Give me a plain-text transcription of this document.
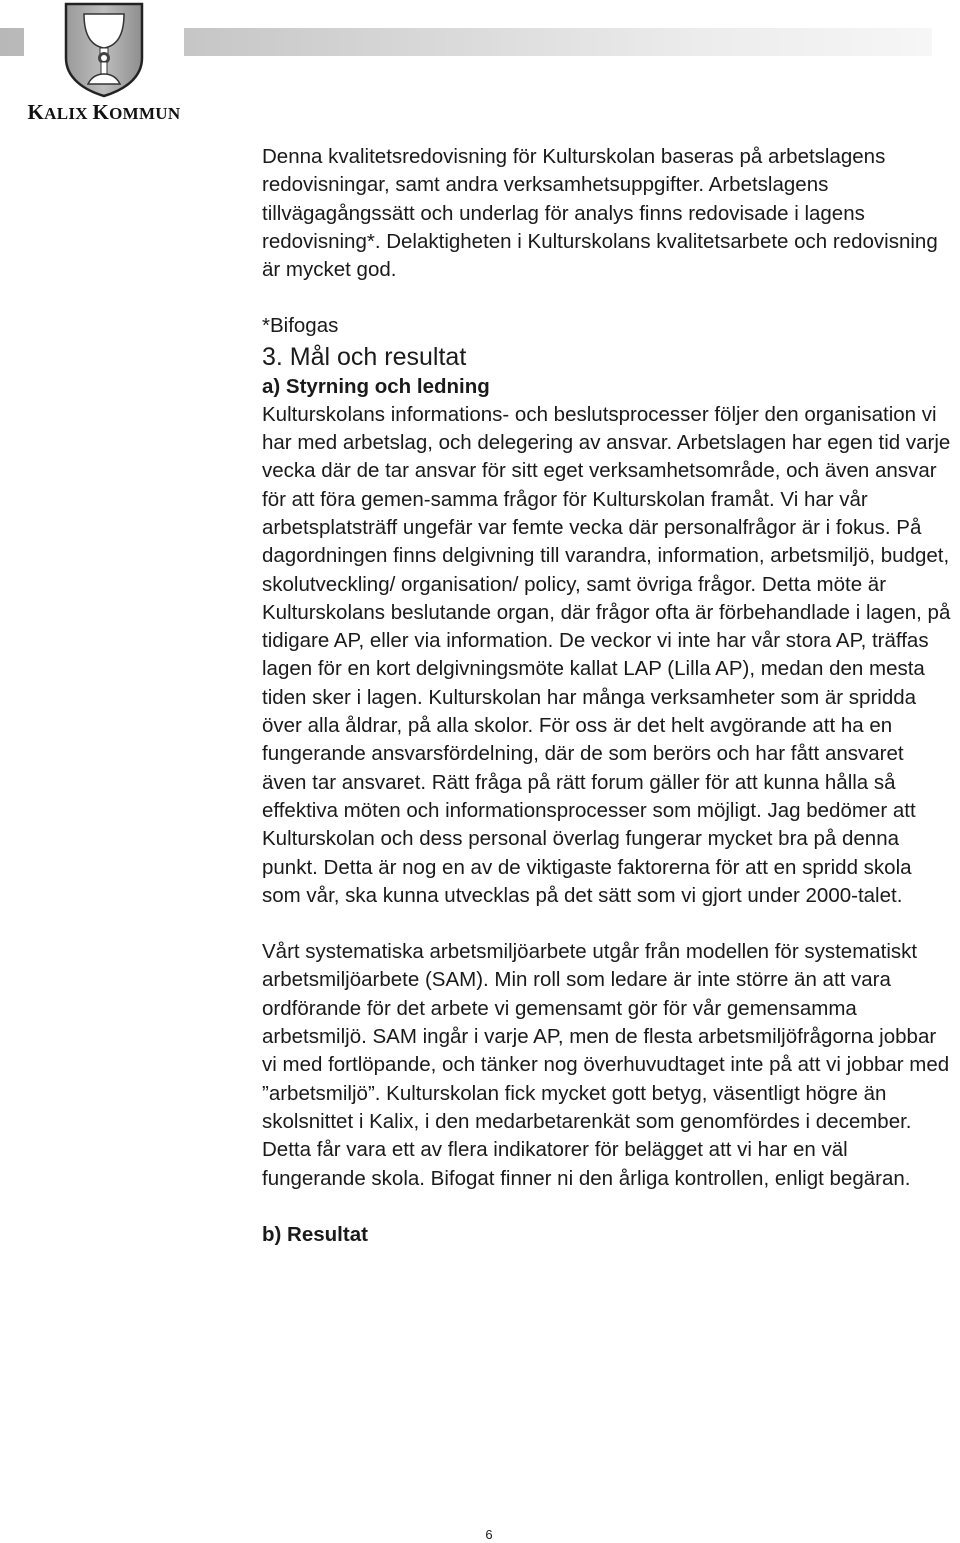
KALIX KOMMUN

Denna kvalitetsredovisning för Kulturskolan baseras på arbetslagens redovisningar, samt andra verksamhetsuppgifter. Arbetslagens tillvägagångssätt och underlag för analys finns redovisade i lagens redovisning*. Delaktigheten i Kulturskolans kvalitetsarbete och redovisning är mycket god.

*Bifogas

3. Mål och resultat

a) Styrning och ledning

Kulturskolans informations- och beslutsprocesser följer den organisation vi har med arbetslag, och delegering av ansvar. Arbetslagen har egen tid varje vecka där de tar ansvar för sitt eget verksamhetsområde, och även ansvar för att föra gemen-samma frågor för Kulturskolan framåt. Vi har vår arbetsplatsträff ungefär var femte vecka där personalfrågor är i fokus. På dagordningen finns delgivning till varandra, information, arbetsmiljö, budget, skolutveckling/ organisation/ policy, samt övriga frågor. Detta möte är Kulturskolans beslutande organ, där frågor ofta är förbehandlade i lagen, på tidigare AP, eller via information. De veckor vi inte har vår stora AP, träffas lagen för en kort delgivningsmöte kallat LAP (Lilla AP), medan den mesta tiden sker i lagen. Kulturskolan har många verksamheter som är spridda över alla åldrar, på alla skolor. För oss är det helt avgörande att ha en fungerande ansvarsfördelning, där de som berörs och har fått ansvaret även tar ansvaret. Rätt fråga på rätt forum gäller för att kunna hålla så effektiva möten och informationsprocesser som möjligt. Jag bedömer att Kulturskolan och dess personal överlag fungerar mycket bra på denna punkt. Detta är nog en av de viktigaste faktorerna för att en spridd skola som vår, ska kunna utvecklas på det sätt som vi gjort under 2000-talet.

Vårt systematiska arbetsmiljöarbete utgår från modellen för systematiskt arbetsmiljöarbete (SAM). Min roll som ledare är inte större än att vara ordförande för det arbete vi gemensamt gör för vår gemensamma arbetsmiljö. SAM ingår i varje AP, men de flesta arbetsmiljöfrågorna jobbar vi med fortlöpande, och tänker nog överhuvudtaget inte på att vi jobbar med ”arbetsmiljö”. Kulturskolan fick mycket gott betyg, väsentligt högre än skolsnittet i Kalix, i den medarbetarenkät som genomfördes i december. Detta får vara ett av flera indikatorer för belägget att vi har en väl fungerande skola. Bifogat finner ni den årliga kontrollen, enligt begäran.

b) Resultat

6
